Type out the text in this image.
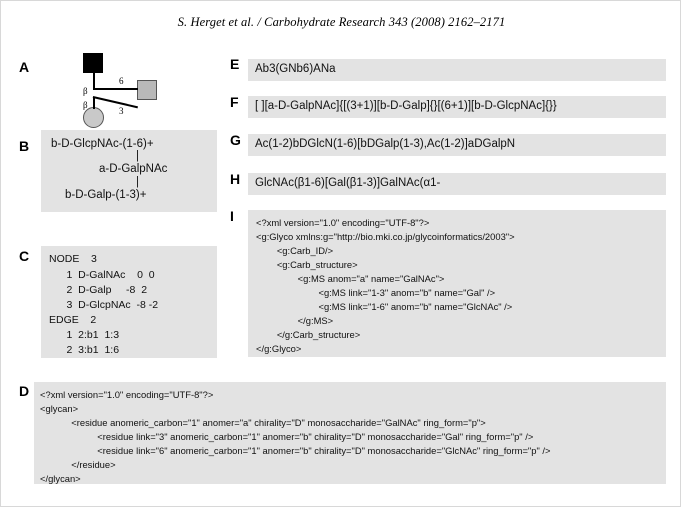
S. Herget et al. / Carbohydrate Research 343 (2008) 2162–2171
A
β
6
β
3
B b-D-GlcpNAc-(1-6)+
|
a-D-GalpNAc
|
b-D-Galp-(1-3)+
C NODE    3
1  D-GalNAc    0  0
2  D-Galp     -8  2
3  D-GlcpNAc  -8 -2
EDGE    2
1  2:b1  1:3
2  3:b1  1:6
D <?xml version="1.0" encoding="UTF-8"?>
<glycan>
<residue anomeric_carbon="1" anomer="a" chirality="D" monosaccharide="GalNAc" ring_form="p">
<residue link="3" anomeric_carbon="1" anomer="b" chirality="D" monosaccharide="Gal" ring_form="p" />
<residue link="6" anomeric_carbon="1" anomer="b" chirality="D" monosaccharide="GlcNAc" ring_form="p" />
</residue>
</glycan>
E Ab3(GNb6)ANa
F [ ][a-D-GalpNAc]{[(3+1)][b-D-Galp]{}[(6+1)][b-D-GlcpNAc]{}}
G Ac(1-2)bDGlcN(1-6)[bDGalp(1-3),Ac(1-2)]aDGalpN
H GlcNAc(β1-6)[Gal(β1-3)]GalNAc(α1-
I <?xml version="1.0" encoding="UTF-8"?>
<g:Glyco xmlns:g="http://bio.mki.co.jp/glycoinformatics/2003">
<g:Carb_ID/>
<g:Carb_structure>
<g:MS anom="a" name="GalNAc">
<g:MS link="1-3" anom="b" name="Gal" />
<g:MS link="1-6" anom="b" name="GlcNAc" />
</g:MS>
</g:Carb_structure>
</g:Glyco>
